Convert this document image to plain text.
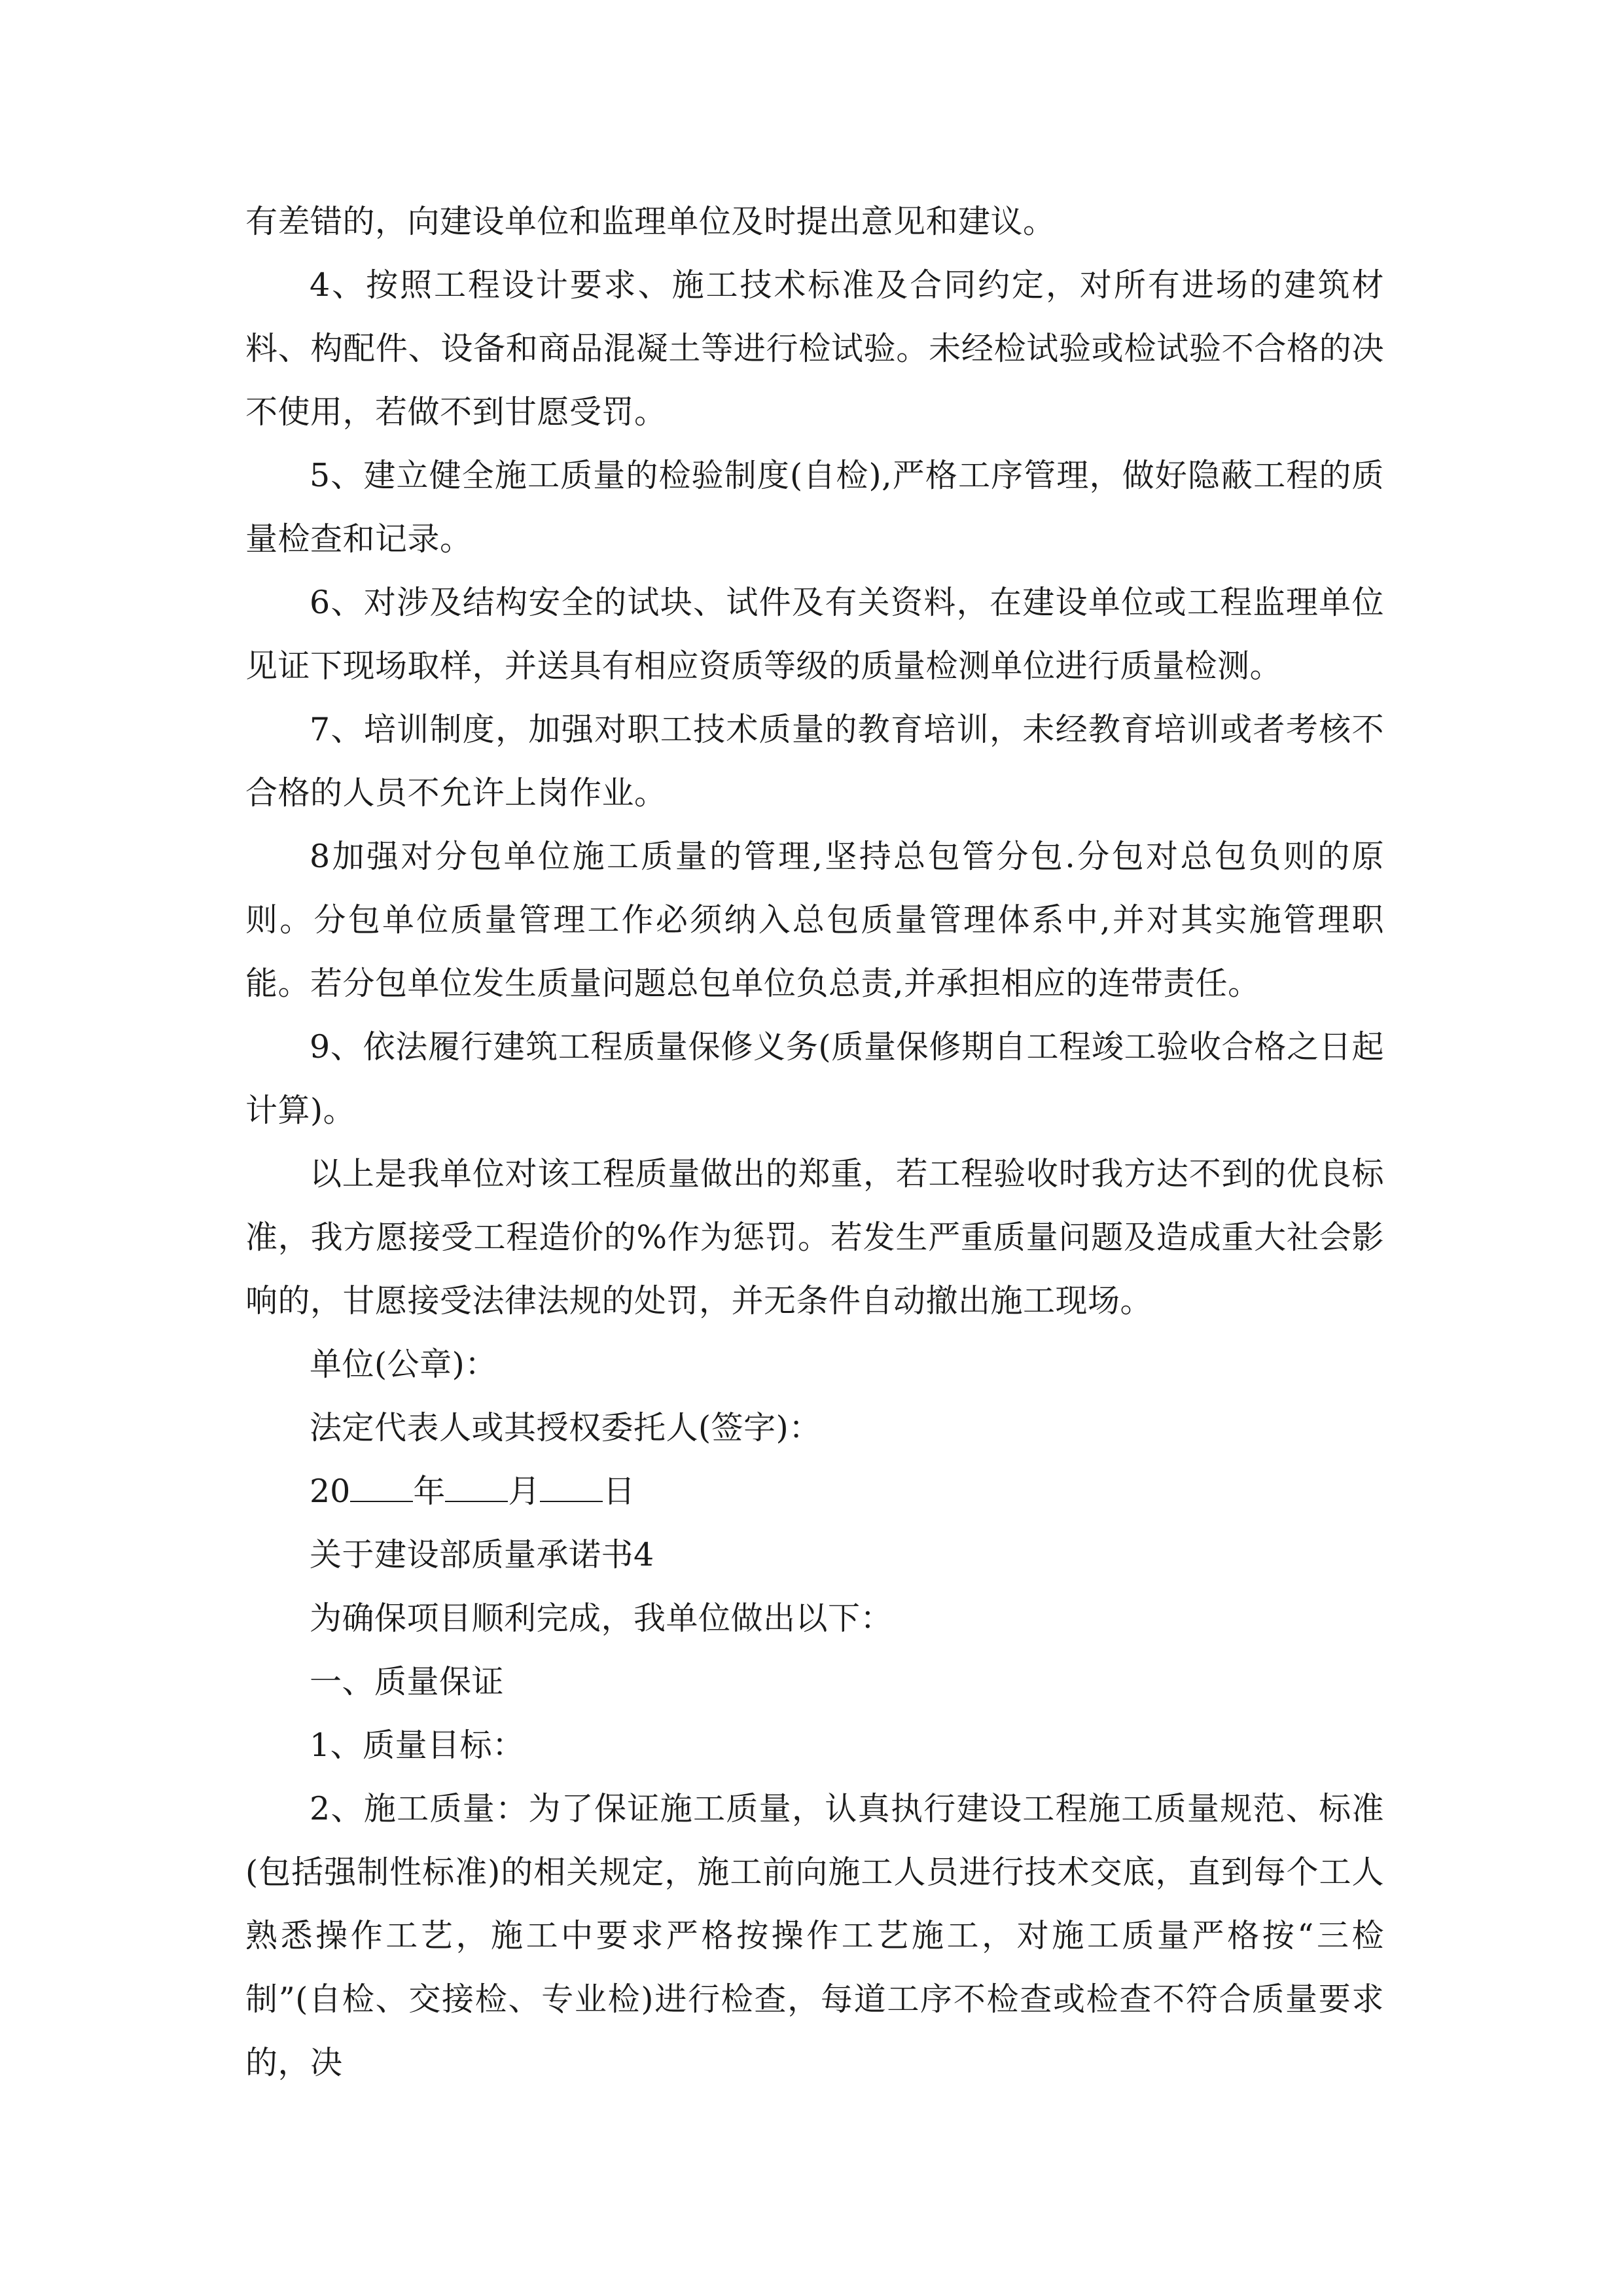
有差错的，向建设单位和监理单位及时提出意见和建议。

4、按照工程设计要求、施工技术标准及合同约定，对所有进场的建筑材料、构配件、设备和商品混凝土等进行检试验。未经检试验或检试验不合格的决不使用，若做不到甘愿受罚。

5、建立健全施工质量的检验制度(自检),严格工序管理，做好隐蔽工程的质量检查和记录。

6、对涉及结构安全的试块、试件及有关资料，在建设单位或工程监理单位见证下现场取样，并送具有相应资质等级的质量检测单位进行质量检测。

7、培训制度，加强对职工技术质量的教育培训，未经教育培训或者考核不合格的人员不允许上岗作业。

8加强对分包单位施工质量的管理,坚持总包管分包.分包对总包负则的原则。分包单位质量管理工作必须纳入总包质量管理体系中,并对其实施管理职能。若分包单位发生质量问题总包单位负总责,并承担相应的连带责任。

9、依法履行建筑工程质量保修义务(质量保修期自工程竣工验收合格之日起计算)。

以上是我单位对该工程质量做出的郑重，若工程验收时我方达不到的优良标准，我方愿接受工程造价的%作为惩罚。若发生严重质量问题及造成重大社会影响的，甘愿接受法律法规的处罚，并无条件自动撤出施工现场。

单位(公章)：

法定代表人或其授权委托人(签字)：

20 年 月 日

关于建设部质量承诺书4

为确保项目顺利完成，我单位做出以下：

一、质量保证

1、质量目标：

2、施工质量：为了保证施工质量，认真执行建设工程施工质量规范、标准(包括强制性标准)的相关规定，施工前向施工人员进行技术交底，直到每个工人熟悉操作工艺，施工中要求严格按操作工艺施工，对施工质量严格按“三检制”(自检、交接检、专业检)进行检查，每道工序不检查或检查不符合质量要求的，决
